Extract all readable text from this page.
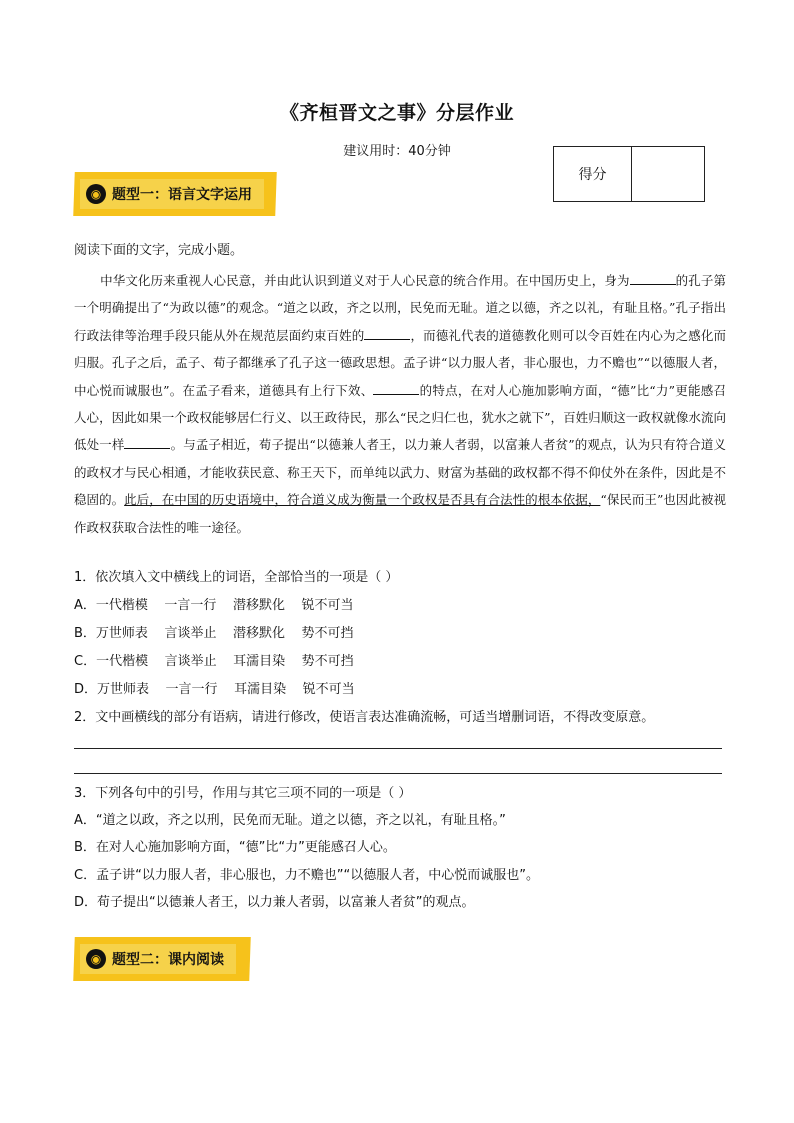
《齐桓晋文之事》分层作业
建议用时：40分钟
得分
◉ 题型一：语言文字运用
阅读下面的文字，完成小题。
中华文化历来重视人心民意，并由此认识到道义对于人心民意的统合作用。在中国历史上，身为	的孔子第一个明确提出了“为政以德”的观念。“道之以政，齐之以刑，民免而无耻。道之以德，齐之以礼，有耻且格。”孔子指出行政法律等治理手段只能从外在规范层面约束百姓的	，而德礼代表的道德教化则可以令百姓在内心为之感化而归服。孔子之后，孟子、荀子都继承了孔子这一德政思想。孟子讲“以力服人者，非心服也，力不赡也”“以德服人者，中心悦而诚服也”。在孟子看来，道德具有上行下效、	的特点，在对人心施加影响方面，“德”比“力”更能感召人心，因此如果一个政权能够居仁行义、以王政待民，那么“民之归仁也，犹水之就下”，百姓归顺这一政权就像水流向低处一样	。与孟子相近，荀子提出“以德兼人者王，以力兼人者弱，以富兼人者贫”的观点，认为只有符合道义的政权才与民心相通，才能收获民意、称王天下，而单纯以武力、财富为基础的政权都不得不仰仗外在条件，因此是不稳固的。此后，在中国的历史语境中，符合道义成为衡量一个政权是否具有合法性的根本依据，“保民而王”也因此被视作政权获取合法性的唯一途径。
1．依次填入文中横线上的词语，全部恰当的一项是（ ）
A．一代楷模    一言一行    潜移默化    锐不可当
B．万世师表    言谈举止    潜移默化    势不可挡
C．一代楷模    言谈举止    耳濡目染    势不可挡
D．万世师表    一言一行    耳濡目染    锐不可当
2．文中画横线的部分有语病，请进行修改，使语言表达准确流畅，可适当增删词语，不得改变原意。
3．下列各句中的引号，作用与其它三项不同的一项是（ ）
A．“道之以政，齐之以刑，民免而无耻。道之以德，齐之以礼，有耻且格。”
B．在对人心施加影响方面，“德”比“力”更能感召人心。
C．孟子讲“以力服人者，非心服也，力不赡也”“以德服人者，中心悦而诚服也”。
D．荀子提出“以德兼人者王，以力兼人者弱，以富兼人者贫”的观点。
◉ 题型二：课内阅读
